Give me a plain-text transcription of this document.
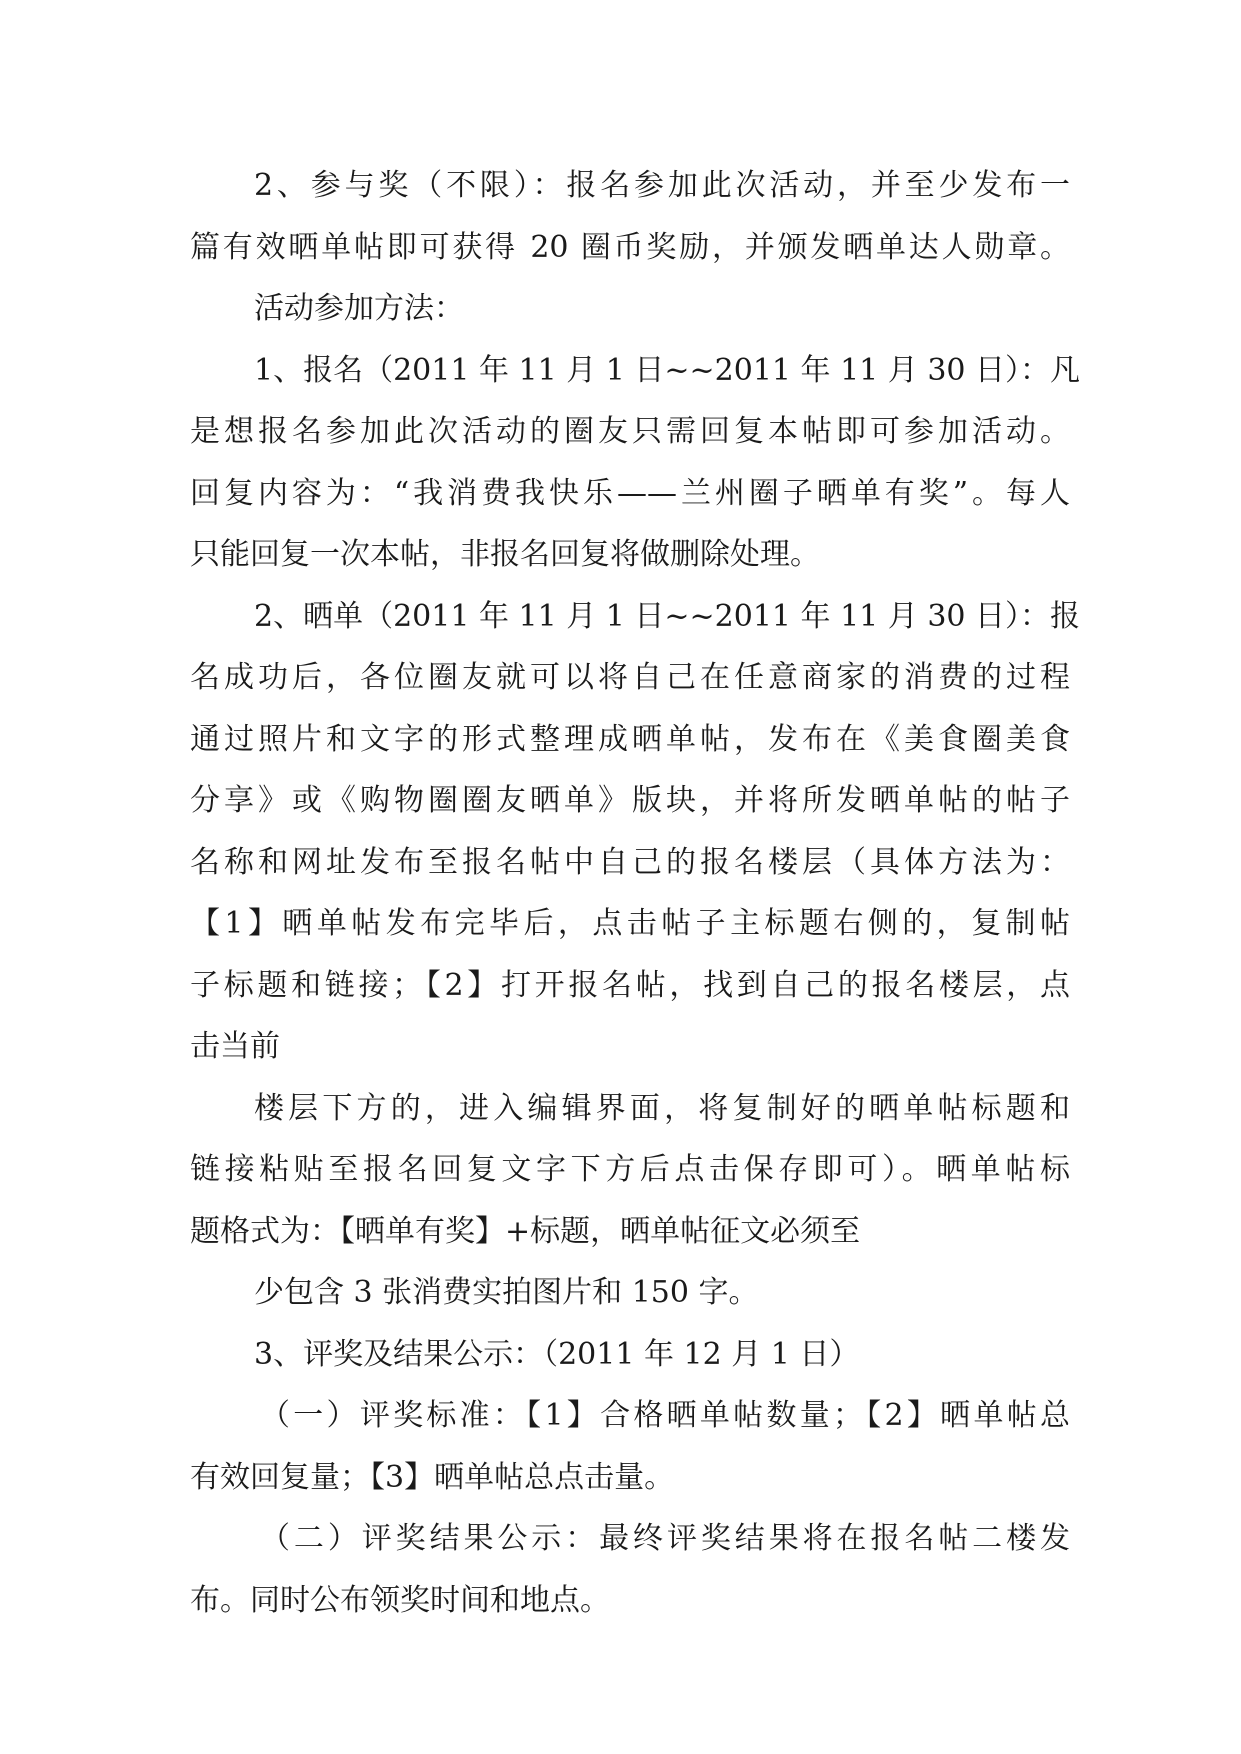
2、参与奖（不限）：报名参加此次活动，并至少发布一
篇有效晒单帖即可获得 20 圈币奖励，并颁发晒单达人勋章。
活动参加方法：
1、报名（2011 年 11 月 1 日~~2011 年 11 月 30 日）：凡
是想报名参加此次活动的圈友只需回复本帖即可参加活动。
回复内容为：“我消费我快乐——兰州圈子晒单有奖”。每人
只能回复一次本帖，非报名回复将做删除处理。
2、晒单（2011 年 11 月 1 日~~2011 年 11 月 30 日）：报
名成功后，各位圈友就可以将自己在任意商家的消费的过程
通过照片和文字的形式整理成晒单帖，发布在《美食圈美食
分享》或《购物圈圈友晒单》版块，并将所发晒单帖的帖子
名称和网址发布至报名帖中自己的报名楼层（具体方法为：
【1】晒单帖发布完毕后，点击帖子主标题右侧的，复制帖
子标题和链接；【2】打开报名帖，找到自己的报名楼层，点
击当前
楼层下方的，进入编辑界面，将复制好的晒单帖标题和
链接粘贴至报名回复文字下方后点击保存即可）。晒单帖标
题格式为：【晒单有奖】+标题，晒单帖征文必须至
少包含 3 张消费实拍图片和 150 字。
3、评奖及结果公示：（2011 年 12 月 1 日）
（一）评奖标准：【1】合格晒单帖数量；【2】晒单帖总
有效回复量；【3】晒单帖总点击量。
（二）评奖结果公示：最终评奖结果将在报名帖二楼发
布。同时公布领奖时间和地点。
